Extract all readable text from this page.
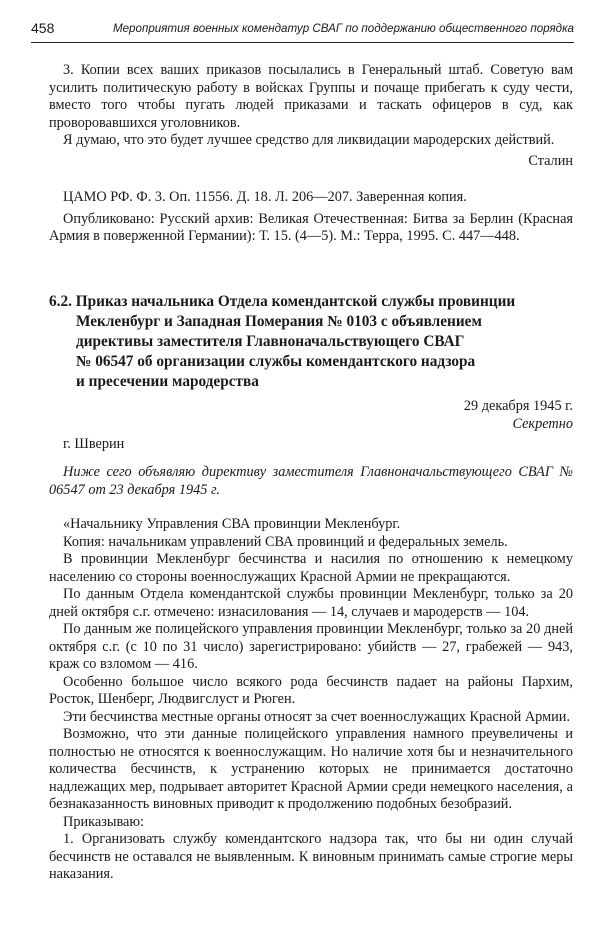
458	Мероприятия военных комендатур СВАГ по поддержанию общественного порядка

3. Копии всех ваших приказов посылались в Генеральный штаб. Советую вам усилить политическую работу в войсках Группы и почаще прибегать к суду чести, вместо того чтобы пугать людей приказами и таскать офицеров в суд, как проворовавшихся уголовников.

Я думаю, что это будет лучшее средство для ликвидации мародерских действий.

Сталин

ЦАМО РФ. Ф. 3. Оп. 11556. Д. 18. Л. 206—207. Заверенная копия.

Опубликовано: Русский архив: Великая Отечественная: Битва за Берлин (Красная Армия в поверженной Германии): Т. 15. (4—5). М.: Терра, 1995. С. 447—448.

6.2. Приказ начальника Отдела комендантской службы провинции
Мекленбург и Западная Померания № 0103 с объявлением
директивы заместителя Главноначальствующего СВАГ
№ 06547 об организации службы комендантского надзора
и пресечении мародерства

29 декабря 1945 г.

Секретно

г. Шверин

Ниже сего объявляю директиву заместителя Главноначальствующего СВАГ № 06547 от 23 декабря 1945 г.

«Начальнику Управления СВА провинции Мекленбург.

Копия: начальникам управлений СВА провинций и федеральных земель.

В провинции Мекленбург бесчинства и насилия по отношению к немецкому населению со стороны военнослужащих Красной Армии не прекращаются.

По данным Отдела комендантской службы провинции Мекленбург, только за 20 дней октября с.г. отмечено: изнасилования — 14, случаев и мародерств — 104.

По данным же полицейского управления провинции Мекленбург, только за 20 дней октября с.г. (с 10 по 31 число) зарегистрировано: убийств — 27, грабежей — 943, краж со взломом — 416.

Особенно большое число всякого рода бесчинств падает на районы Пархим, Росток, Шенберг, Людвигслуст и Рюген.

Эти бесчинства местные органы относят за счет военнослужащих Красной Армии.

Возможно, что эти данные полицейского управления намного преувеличены и полностью не относятся к военнослужащим. Но наличие хотя бы и незначительного количества бесчинств, к устранению которых не принимается достаточно надлежащих мер, подрывает авторитет Красной Армии среди немецкого населения, а безнаказанность виновных приводит к продолжению подобных безобразий.

Приказываю:

1. Организовать службу комендантского надзора так, что бы ни один случай бесчинств не оставался не выявленным. К виновным принимать самые строгие меры наказания.
